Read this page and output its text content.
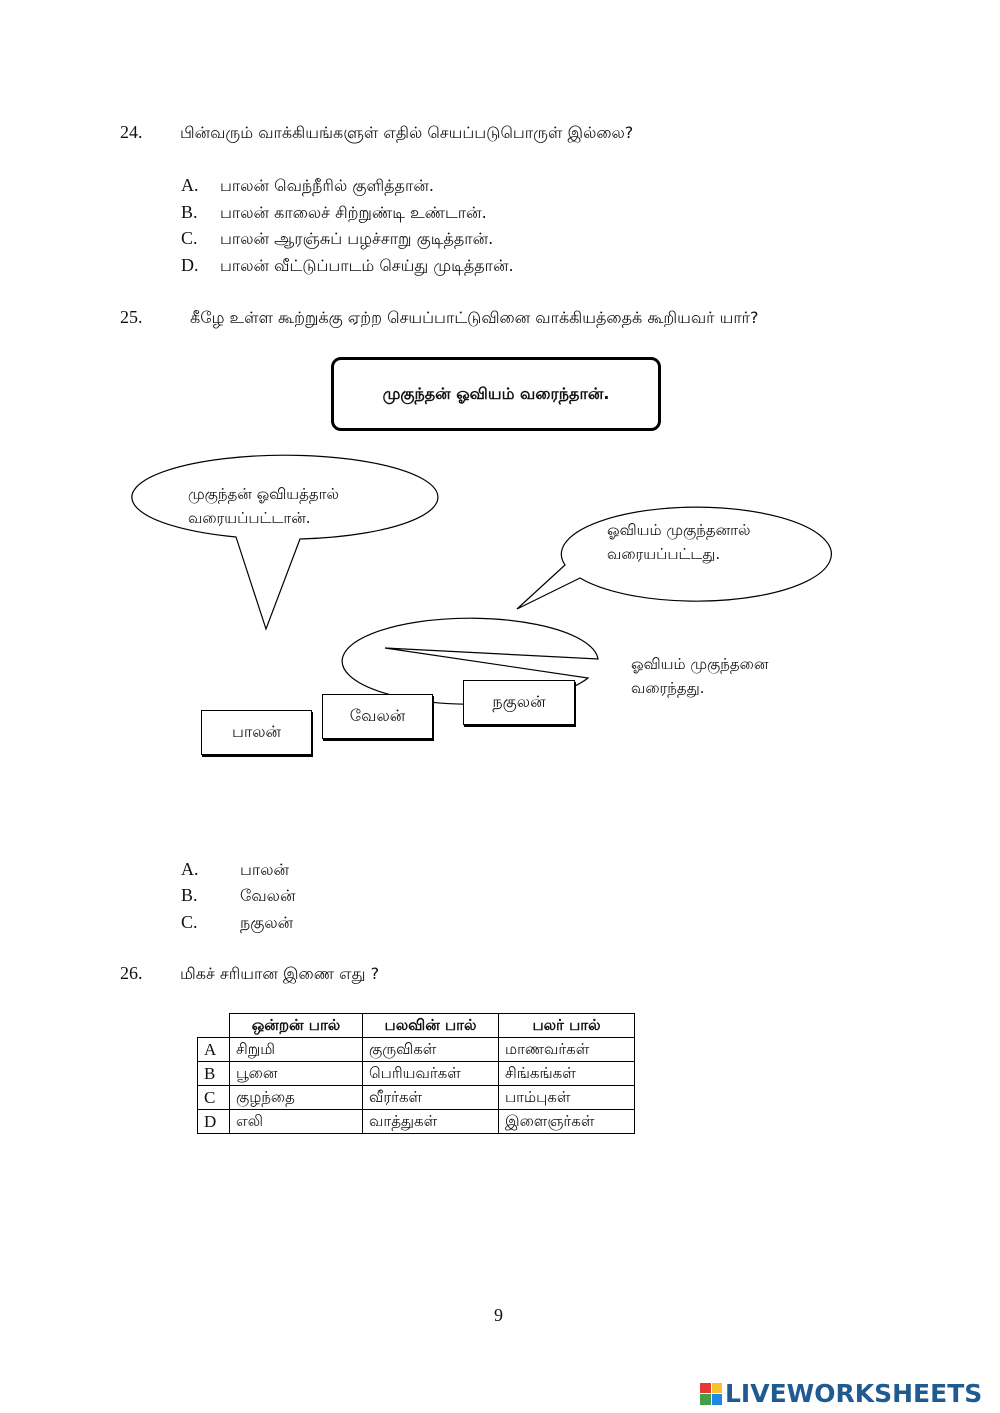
24. பின்வரும் வாக்கியங்களுள் எதில் செயப்படுபொருள் இல்லை?
A. பாலன் வெந்நீரில் குளித்தான்.
B. பாலன் காலைச் சிற்றுண்டி உண்டான்.
C. பாலன் ஆரஞ்சுப் பழச்சாறு குடித்தான்.
D. பாலன் வீட்டுப்பாடம் செய்து முடித்தான்.
25.	கீழே உள்ள கூற்றுக்கு ஏற்ற செயப்பாட்டுவினை வாக்கியத்தைக் கூறியவர் யார்?
முகுந்தன் ஓவியம் வரைந்தான்.
முகுந்தன் ஓவியத்தால்
வரையப்பட்டான்.
ஓவியம் முகுந்தனால்
வரையப்பட்டது.
ஓவியம் முகுந்தனை
வரைந்தது.
பாலன்
வேலன்
நகுலன்
A.	பாலன்
B.	வேலன்
C.	நகுலன்
26. மிகச் சரியான இணை எது ?
	ஒன்றன் பால்	பலவின் பால்	பலர் பால்
A	சிறுமி	குருவிகள்	மாணவர்கள்
B	பூனை	பெரியவர்கள்	சிங்கங்கள்
C	குழந்தை	வீரர்கள்	பாம்புகள்
D	எலி	வாத்துகள்	இளைஞர்கள்
9
LIVEWORKSHEETS
